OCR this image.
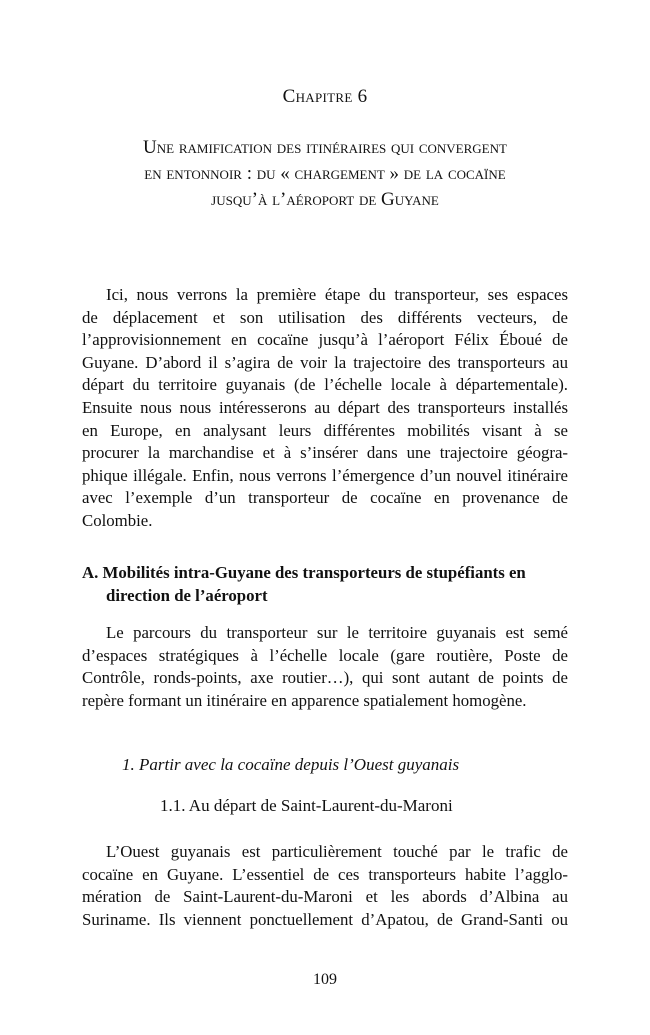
Chapitre 6
Une ramification des itinéraires qui convergent
en entonnoir : du « chargement » de la cocaïne
jusqu’à l’aéroport de Guyane

Ici, nous verrons la première étape du transporteur, ses espaces
de déplacement et son utilisation des différents vecteurs, de
l’approvisionnement en cocaïne jusqu’à l’aéroport Félix Éboué de
Guyane. D’abord il s’agira de voir la trajectoire des transporteurs au
départ du territoire guyanais (de l’échelle locale à départementale).
Ensuite nous nous intéresserons au départ des transporteurs installés
en Europe, en analysant leurs différentes mobilités visant à se
procurer la marchandise et à s’insérer dans une trajectoire géogra-
phique illégale. Enfin, nous verrons l’émergence d’un nouvel itinéraire
avec l’exemple d’un transporteur de cocaïne en provenance de
Colombie.

A. Mobilités intra-Guyane des transporteurs de stupéfiants en
direction de l’aéroport

Le parcours du transporteur sur le territoire guyanais est semé
d’espaces stratégiques à l’échelle locale (gare routière, Poste de
Contrôle, ronds-points, axe routier…), qui sont autant de points de
repère formant un itinéraire en apparence spatialement homogène.

1. Partir avec la cocaïne depuis l’Ouest guyanais
1.1. Au départ de Saint-Laurent-du-Maroni

L’Ouest guyanais est particulièrement touché par le trafic de
cocaïne en Guyane. L’essentiel de ces transporteurs habite l’agglo-
mération de Saint-Laurent-du-Maroni et les abords d’Albina au
Suriname. Ils viennent ponctuellement d’Apatou, de Grand-Santi ou

109
